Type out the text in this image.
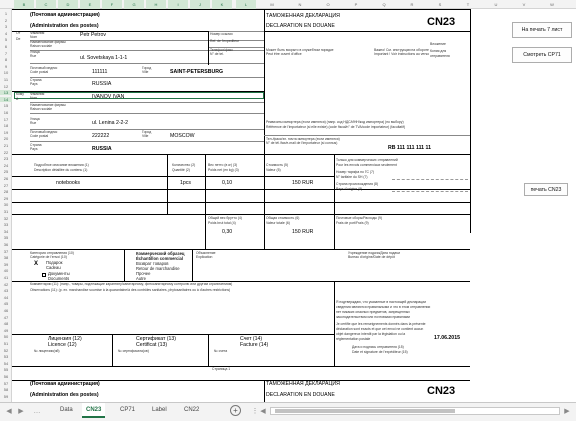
B	C	D	E	F	G	H	I	J	K	L	M	N	O	P	Q	R	S	T	U	V	W
1
2
3
4
5
6
7
8
9
10
11
12
13
14
15
16
17
18
19
20
21
22
23
24
25
26
27
28
29
30
31
32
33
34
35
36
37
38
39
40
41
42
43
44
45
46
47
48
49
50
51
52
53
54
55
56
57
58
59
(Почтовая администрация)
(Administration des postes)
ТАМОЖЕННАЯ ДЕКЛАРАЦИЯ
DECLARATION EN DOUANE	CN23
От
De
Фамилия
Nom	Petr Petrov
Наименование фирмы
Raison sociale
Улица
Rue	ul. Sovetskaya 1-1-1
Почтовый индекс
Code postal	111111
Город
Ville	SAINT-PETERSBURG
Страна
Pays	RUSSIA
Кому
À
Фамилия
Nom	IVANOV IVAN
Наименование фирмы
Raison sociale
Улица
Rue	ul. Lenina 2-2-2
Почтовый индекс
Code postal	222222
Город
Ville	MOSCOW
Страна
Pays	RUSSIA
Номер ссылки
Ref. de l'expediteur
Телефон/факс
N° de tel.
Может быть вскрыто в служебном порядке
Peut être ouvert d'office
Важно! См. инструкции на обороте
Important ! Voir instructions au verso
Вложение
Копия для
отправителя
Реквизиты импортера (если имеются) (напр. код НДС/ИНН/код импортера) (по выбору)
Référence de l'importateur (si elle existe) (code fiscal/n° de TVA/code importateur) (facultatif)
Тел./факс/эл. почта импортера (если имеются)
N° de tél./fax/e-mail de l'importateur (si connus)
RB 111 111 111 11
Подробное описание вложения (1)
Description détaillée du contenu (1)
Количество (2)
Quantité (2)
Вес нетто (в кг) (3)
Poids net (en kg) (3)
Стоимость (5)
Valeur (5)
notebooks	1pcs	0,10	150 RUR
Общий вес брутто (4)
Poids brut total (4)
0,30
Общая стоимость (6)
Valeur totale (6)
150 RUR
Почтовые сборы/Расходы (9)
Frais de port/Frais (9)
Только для коммерческих отправлений
Pour les envois commerciaux seulement
Номер тарифа по ГС (7)
N° tarifaire du SH (7)
Страна происхождения (8)
Pays d'origine (8)
Категория отправления (10)
Catégorie de l'envoi (10)
X Подарок
Cadeau
Документы
Documents
Коммерческий образец
Échantillon commercial
Возврат товаров
Retour de marchandise
Прочее
Autre
Объяснение
Explication
Учреждение подачи/Дата подачи
Bureau d'origine/Date de dépôt
Комментарии (11): (напр., товары, подлежащие карантину/санитарному, фитосанитарному контролю или другим ограничениям)
Observations (11): (p. ex. marchandise soumise à la quarantaine/à des contrôles sanitaires, phytosanitaires ou à d'autres restrictions)
Я подтверждаю, что указанные в настоящей декларации
сведения являются правильными и что в этом отправлении
нет никаких опасных предметов, запрещенных
законодательством или почтовыми правилами
Je certifie que les renseignements donnés dans la présente
déclaration sont exacts et que cet envoi ne contient aucun
objet dangereux interdit par la législation ou la
réglementation postale
Лицензия (12)
Licence (12)
№ лицензии(ий)
Сертификат (13)
Certificat (13)
№ сертификата(ов)
Счет (14)
Facture (14)
№ счета
17.06.2015
Дата и подпись отправителя (15)
Date et signature de l'expéditeur (15)
Страница 1
(Почтовая администрация)
(Administration des postes)
ТАМОЖЕННАЯ ДЕКЛАРАЦИЯ
DECLARATION EN DOUANE	CN23
На печать 7 лист
Смотреть CP71
печать CN23
◀ ▶	…	Data	CN23	CP71	Label	CN22	+	⋮ ◀	▶
